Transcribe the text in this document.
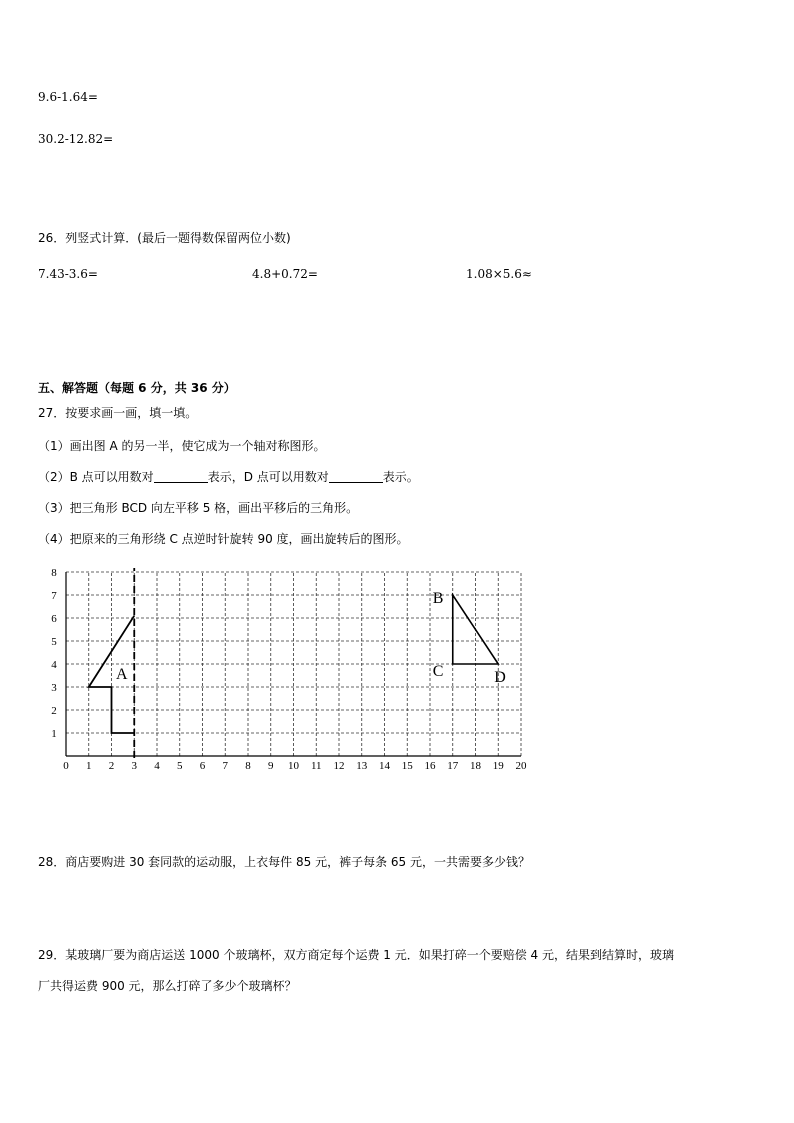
9.6-1.64=
30.2-12.82=
26．列竖式计算．(最后一题得数保留两位小数)
7.43-3.6=	4.8+0.72=	1.08×5.6≈
五、解答题（每题 6 分，共 36 分）
27．按要求画一画，填一填。
（1）画出图 A 的另一半，使它成为一个轴对称图形。
（2）B 点可以用数对	表示，D 点可以用数对	表示。
（3）把三角形 BCD 向左平移 5 格，画出平移后的三角形。
（4）把原来的三角形绕 C 点逆时针旋转 90 度，画出旋转后的图形。
0 1 2 3 4 5 6 7 8 9 10 11 12 13 14 15 16 17 18 19 20
1
2
3
4
5
6
7
8
A
B
C	D
28．商店要购进 30 套同款的运动服，上衣每件 85 元，裤子每条 65 元，一共需要多少钱？
29．某玻璃厂要为商店运送 1000 个玻璃杯，双方商定每个运费 1 元．如果打碎一个要赔偿 4 元，结果到结算时，玻璃
厂共得运费 900 元，那么打碎了多少个玻璃杯？
